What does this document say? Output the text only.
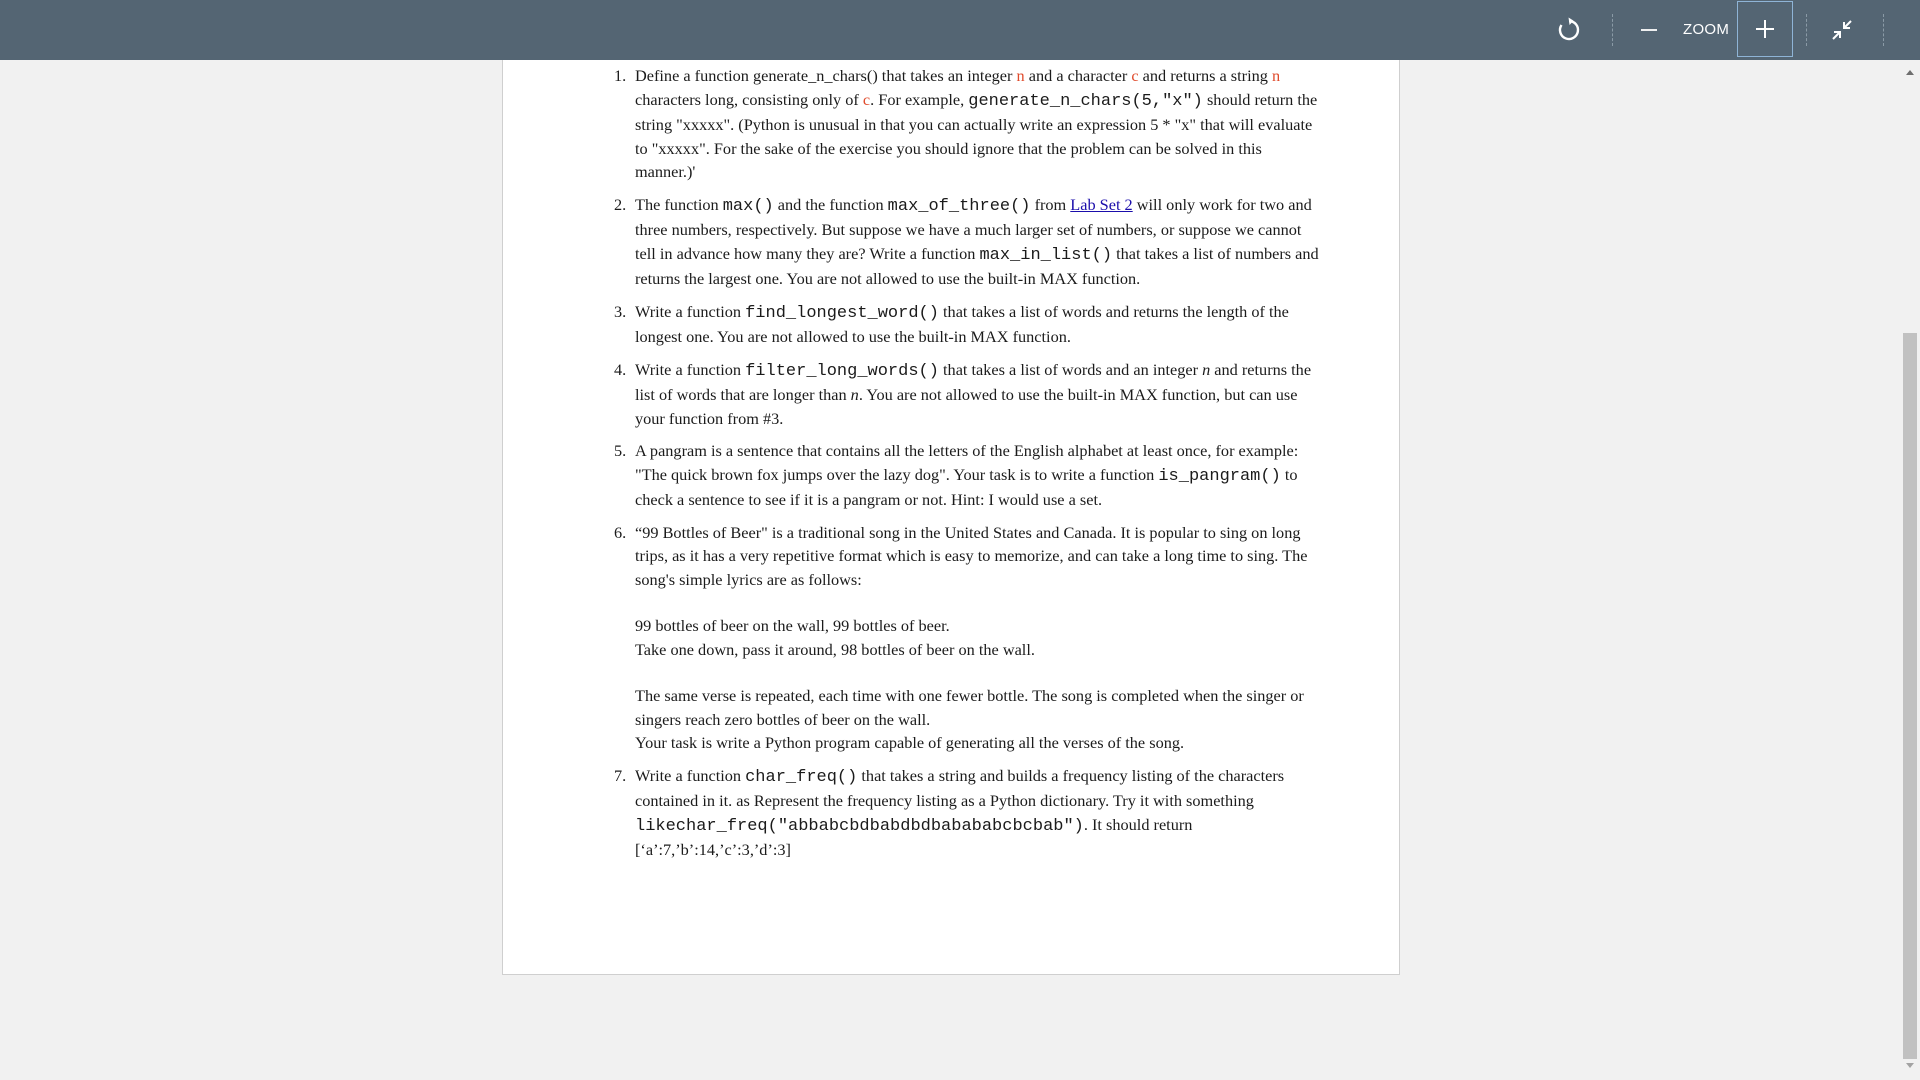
ZOOM
1. Define a function generate_n_chars() that takes an integer n and a character c and returns a string n characters long, consisting only of c. For example, generate_n_chars(5,"x") should return the string "xxxxx". (Python is unusual in that you can actually write an expression 5 * "x" that will evaluate to "xxxxx". For the sake of the exercise you should ignore that the problem can be solved in this manner.)'
2. The function max() and the function max_of_three() from Lab Set 2 will only work for two and three numbers, respectively. But suppose we have a much larger set of numbers, or suppose we cannot tell in advance how many they are? Write a function max_in_list() that takes a list of numbers and returns the largest one. You are not allowed to use the built-in MAX function.
3. Write a function find_longest_word() that takes a list of words and returns the length of the longest one. You are not allowed to use the built-in MAX function.
4. Write a function filter_long_words() that takes a list of words and an integer n and returns the list of words that are longer than n. You are not allowed to use the built-in MAX function, but can use your function from #3.
5. A pangram is a sentence that contains all the letters of the English alphabet at least once, for example: "The quick brown fox jumps over the lazy dog". Your task is to write a function is_pangram() to check a sentence to see if it is a pangram or not. Hint: I would use a set.
6. “99 Bottles of Beer" is a traditional song in the United States and Canada. It is popular to sing on long trips, as it has a very repetitive format which is easy to memorize, and can take a long time to sing. The song's simple lyrics are as follows:
99 bottles of beer on the wall, 99 bottles of beer.
Take one down, pass it around, 98 bottles of beer on the wall.
The same verse is repeated, each time with one fewer bottle. The song is completed when the singer or singers reach zero bottles of beer on the wall.
Your task is write a Python program capable of generating all the verses of the song.
7. Write a function char_freq() that takes a string and builds a frequency listing of the characters contained in it. as Represent the frequency listing as a Python dictionary. Try it with something likechar_freq("abbabcbdbabdbdbabababcbcbab"). It should return [‘a’:7,’b’:14,’c’:3,’d’:3]
